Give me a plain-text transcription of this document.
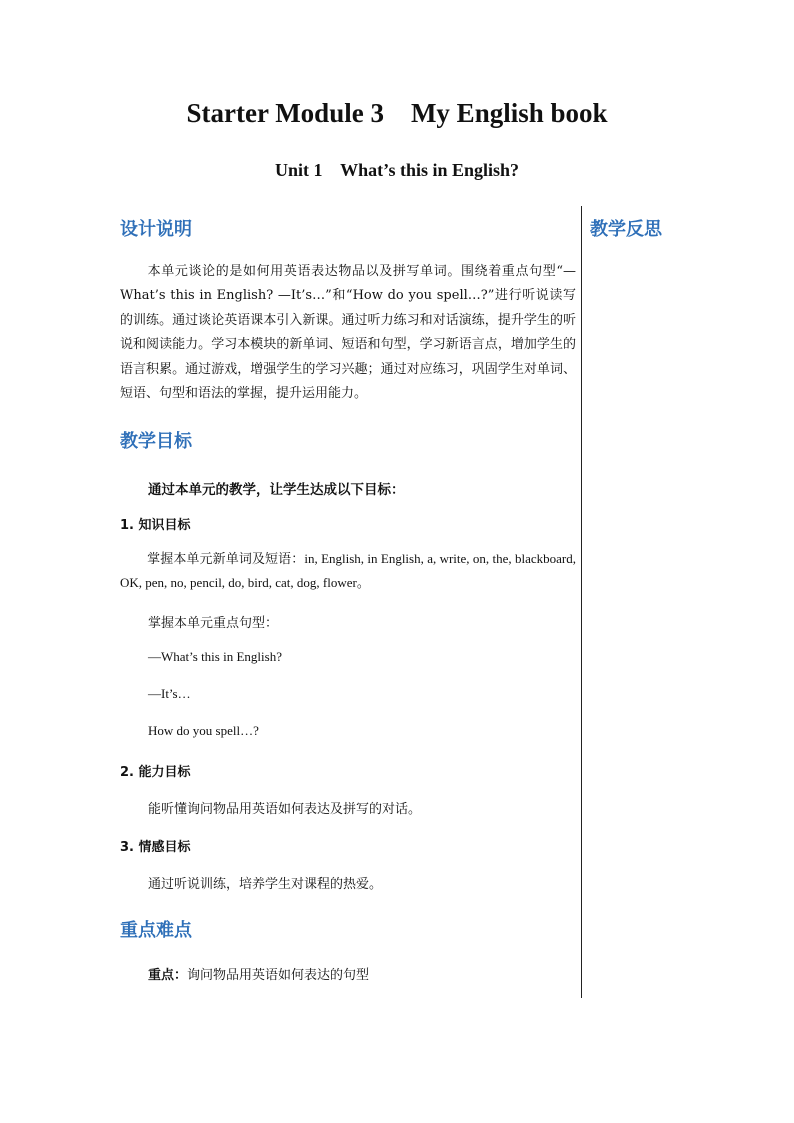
Starter Module 3    My English book
Unit 1    What’s this in English?
教学反思
设计说明
本单元谈论的是如何用英语表达物品以及拼写单词。围绕着重点句型“—What’s this in English? —It’s…”和“How do you spell…?”进行听说读写的训练。通过谈论英语课本引入新课。通过听力练习和对话演练，提升学生的听说和阅读能力。学习本模块的新单词、短语和句型，学习新语言点，增加学生的语言积累。通过游戏，增强学生的学习兴趣；通过对应练习，巩固学生对单词、短语、句型和语法的掌握，提升运用能力。
教学目标
通过本单元的教学，让学生达成以下目标：
1. 知识目标
掌握本单元新单词及短语：in, English, in English, a, write, on, the, blackboard, OK, pen, no, pencil, do, bird, cat, dog, flower。
掌握本单元重点句型：
—What’s this in English?
—It’s…
How do you spell…?
2. 能力目标
能听懂询问物品用英语如何表达及拼写的对话。
3. 情感目标
通过听说训练，培养学生对课程的热爱。
重点难点
重点：询问物品用英语如何表达的句型
